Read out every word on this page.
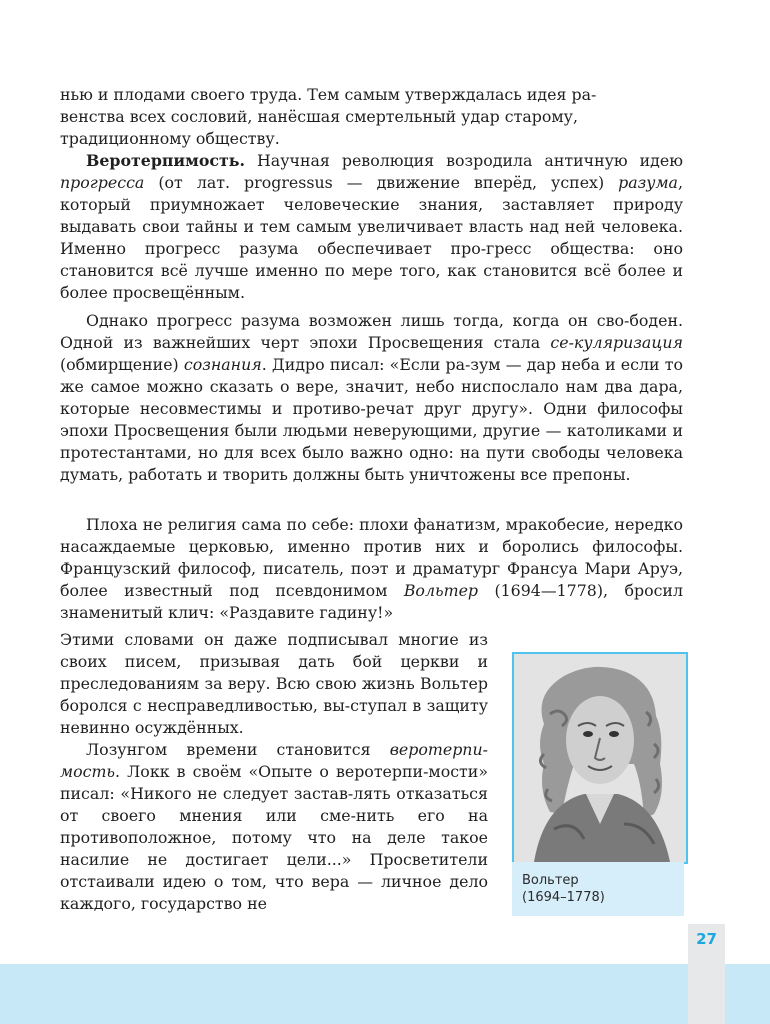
нью и плодами своего труда. Тем самым утверждалась идея ра-
венства всех сословий, нанёсшая смертельный удар старому,
традиционному обществу.

Веротерпимость. Научная революция возродила античную идею прогресса (от лат. progressus — движение вперёд, успех) разума, который приумножает человеческие знания, заставляет природу выдавать свои тайны и тем самым увеличивает власть над ней человека. Именно прогресс разума обеспечивает про-гресс общества: оно становится всё лучше именно по мере того, как становится всё более и более просвещённым.

Однако прогресс разума возможен лишь тогда, когда он сво-боден. Одной из важнейших черт эпохи Просвещения стала се-куляризация (обмирщение) сознания. Дидро писал: «Если ра-зум — дар неба и если то же самое можно сказать о вере, значит, небо ниспослало нам два дара, которые несовместимы и противо-речат друг другу». Одни философы эпохи Просвещения были людьми неверующими, другие — католиками и протестантами, но для всех было важно одно: на пути свободы человека думать, работать и творить должны быть уничтожены все препоны.

Плоха не религия сама по себе: плохи фанатизм, мракобесие, нередко насаждаемые церковью, именно против них и боролись философы. Французский философ, писатель, поэт и драматург Франсуа Мари Аруэ, более известный под псевдонимом Вольтер (1694—1778), бросил знаменитый клич: «Раздавите гадину!»

Этими словами он даже подписывал многие из своих писем, призывая дать бой церкви и преследованиям за веру. Всю свою жизнь Вольтер боролся с несправедливостью, вы-ступал в защиту невинно осуждённых.

Лозунгом времени становится веротерпи-мость. Локк в своём «Опыте о веротерпи-мости» писал: «Никого не следует застав-лять отказаться от своего мнения или сме-нить его на противоположное, потому что на деле такое насилие не достигает цели...» Просветители отстаивали идею о том, что вера — личное дело каждого, государство не

Вольтер
(1694–1778)
27
